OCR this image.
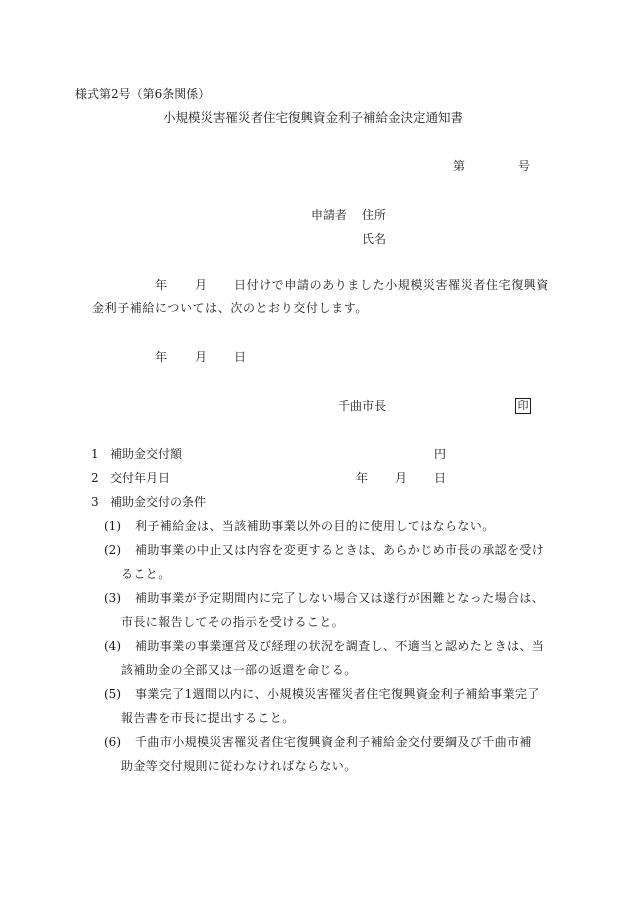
様式第2号（第6条関係）
小規模災害罹災者住宅復興資金利子補給金決定通知書
第	号
申請者 住所
氏名
年 月 日付けで申請のありました小規模災害罹災者住宅復興資
金利子補給については、次のとおり交付します。
年 月 日
千曲市長	印
1 補助金交付額	円
2 交付年月日	年 月 日
3 補助金交付の条件
(1) 利子補給金は、当該補助事業以外の目的に使用してはならない。
(2) 補助事業の中止又は内容を変更するときは、あらかじめ市長の承認を受け
ること。
(3) 補助事業が予定期間内に完了しない場合又は遂行が困難となった場合は、
市長に報告してその指示を受けること。
(4) 補助事業の事業運営及び経理の状況を調査し、不適当と認めたときは、当
該補助金の全部又は一部の返還を命じる。
(5) 事業完了1週間以内に、小規模災害罹災者住宅復興資金利子補給事業完了
報告書を市長に提出すること。
(6) 千曲市小規模災害罹災者住宅復興資金利子補給金交付要綱及び千曲市補
助金等交付規則に従わなければならない。
